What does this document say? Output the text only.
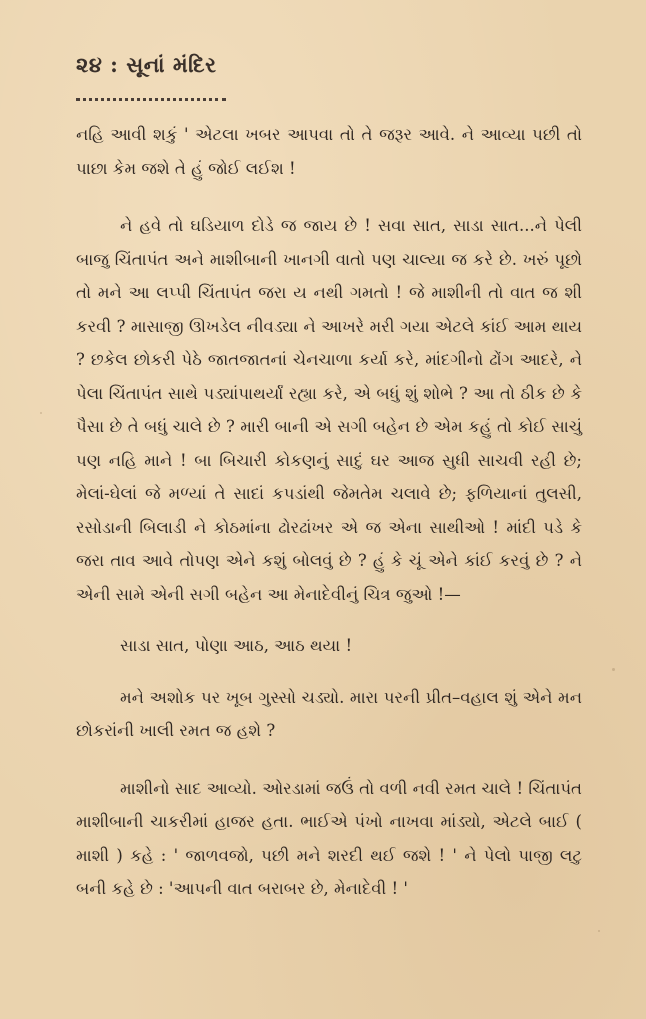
૨૪ : સૂનાં મંદિર

નહિ આવી શકું ' એટલા ખબર આપવા તો તે જરૂર આવે. ને આવ્યા પછી તો પાછા કેમ જશે તે હું જોઈ લઈશ !

ને હવે તો ઘડિયાળ દોડે જ જાય છે ! સવા સાત, સાડા સાત...ને પેલી બાજુ ચિંતાપંત અને માશીબાની ખાનગી વાતો પણ ચાલ્યા જ કરે છે. ખરું પૂછો તો મને આ લપ્પી ચિંતાપંત જરા ય નથી ગમતો ! જે માશીની તો વાત જ શી કરવી ? માસાજી ઊખડેલ નીવડ્યા ને આખરે મરી ગયા એટલે કાંઈ આમ થાય ? છકેલ છોકરી પેઠે જાતજાતનાં ચેનચાળા કર્યા કરે, માંદગીનો ઢોંગ આદરે, ને પેલા ચિંતાપંત સાથે પડ્યાંપાથર્યાં રહ્યા કરે, એ બધું શું શોભે ? આ તો ઠીક છે કે પૈસા છે તે બધું ચાલે છે ? મારી બાની એ સગી બહેન છે એમ કહું તો કોઈ સાચું પણ નહિ માને ! બા બિચારી કોકણનું સાદું ઘર આજ સુધી સાચવી રહી છે; મેલાં-ઘેલાં જે મળ્યાં તે સાદાં કપડાંથી જેમતેમ ચલાવે છે; ફળિયાનાં તુલસી, રસોડાની બિલાડી ને કોઠમાંના ઢોરઢાંખર એ જ એના સાથીઓ ! માંદી પડે કે જરા તાવ આવે તોપણ એને કશું બોલવું છે ? હું કે ચૂં એને કાંઈ કરવું છે ? ને એની સામે એની સગી બહેન આ મેનાદેવીનું ચિત્ર જુઓ !—

સાડા સાત, પોણા આઠ, આઠ થયા !

મને અશોક પર ખૂબ ગુસ્સો ચડ્યો. મારા પરની પ્રીત–વહાલ શું એને મન છોકરાંની ખાલી રમત જ હશે ?

માશીનો સાદ આવ્યો. ઓરડામાં જઉં તો વળી નવી રમત ચાલે ! ચિંતાપંત માશીબાની ચાકરીમાં હાજર હતા. ભાઈએ પંખો નાખવા માંડ્યો, એટલે બાઈ ( માશી ) કહે : ' જાળવજો, પછી મને શરદી થઈ જશે ! ' ને પેલો પાજી લટુ બની કહે છે : 'આપની વાત બરાબર છે, મેનાદેવી ! '
